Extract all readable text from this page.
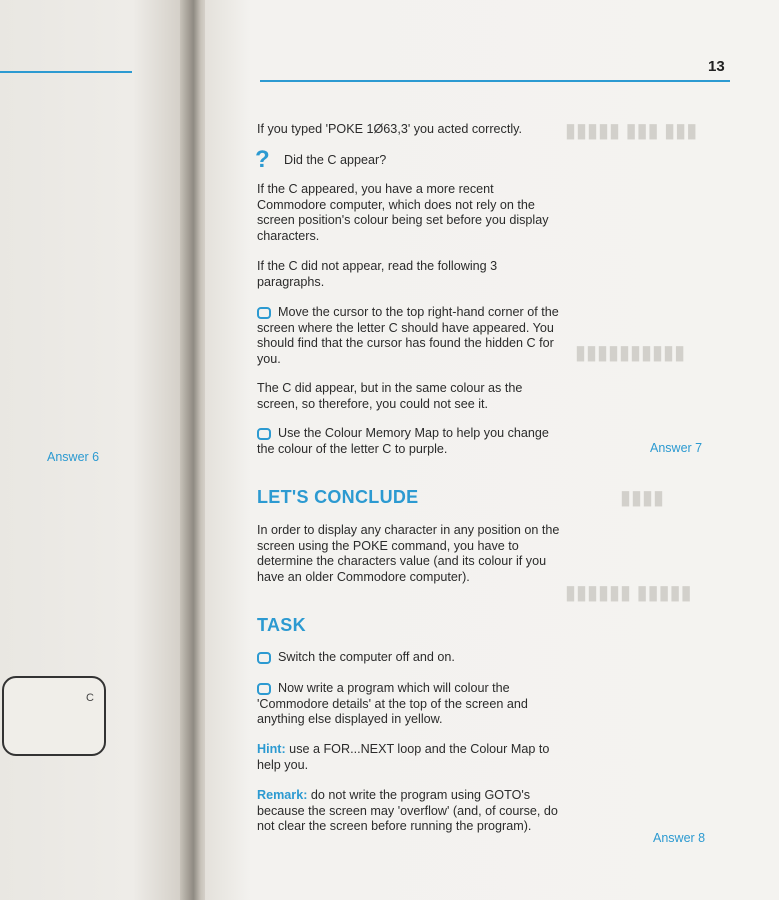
Answer 6
C
▮▮▮ ▮▮▮ ▮▮▮▮▮
▮▮▮▮▮▮▮▮▮▮
▮▮▮▮
▮▮▮▮▮ ▮▮▮▮▮▮
13
If you typed 'POKE 1Ø63,3' you acted correctly.
? Did the C appear?
If the C appeared, you have a more recent Commodore computer, which does not rely on the screen position's colour being set before you display characters.
If the C did not appear, read the following 3 paragraphs.
Move the cursor to the top right-hand corner of the screen where the letter C should have appeared. You should find that the cursor has found the hidden C for you.
The C did appear, but in the same colour as the screen, so therefore, you could not see it.
Use the Colour Memory Map to help you change the colour of the letter C to purple.	Answer 7
LET'S CONCLUDE
In order to display any character in any position on the screen using the POKE command, you have to determine the characters value (and its colour if you have an older Commodore computer).
TASK
Switch the computer off and on.
Now write a program which will colour the 'Commodore details' at the top of the screen and anything else displayed in yellow.
Hint: use a FOR...NEXT loop and the Colour Map to help you.
Remark: do not write the program using GOTO's because the screen may 'overflow' (and, of course, do not clear the screen before running the program).
Answer 8
